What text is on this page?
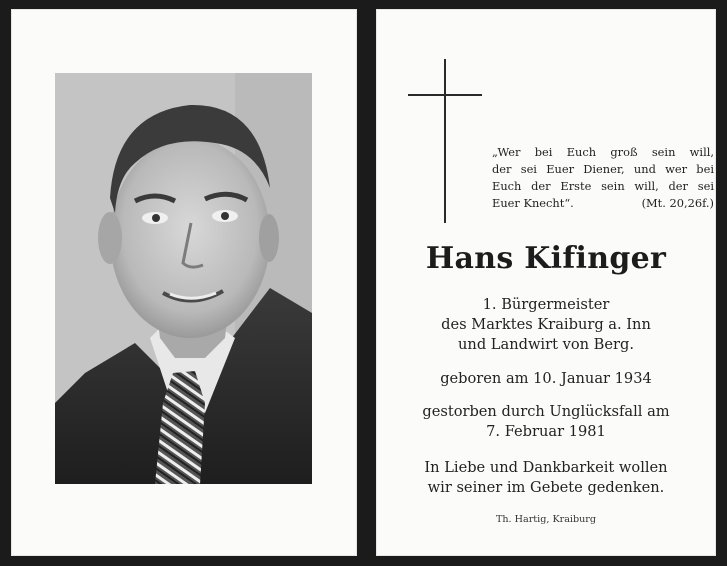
„Wer bei Euch groß sein will,
der sei Euer Diener, und wer bei
Euch der Erste sein will, der sei
Euer Knecht“.	(Mt. 20,26f.)
Hans Kifinger
1. Bürgermeister
des Marktes Kraiburg a. Inn
und Landwirt von Berg.
geboren am 10. Januar 1934
gestorben durch Unglücksfall am
7. Februar 1981
In Liebe und Dankbarkeit wollen
wir seiner im Gebete gedenken.
Th. Hartig, Kraiburg
